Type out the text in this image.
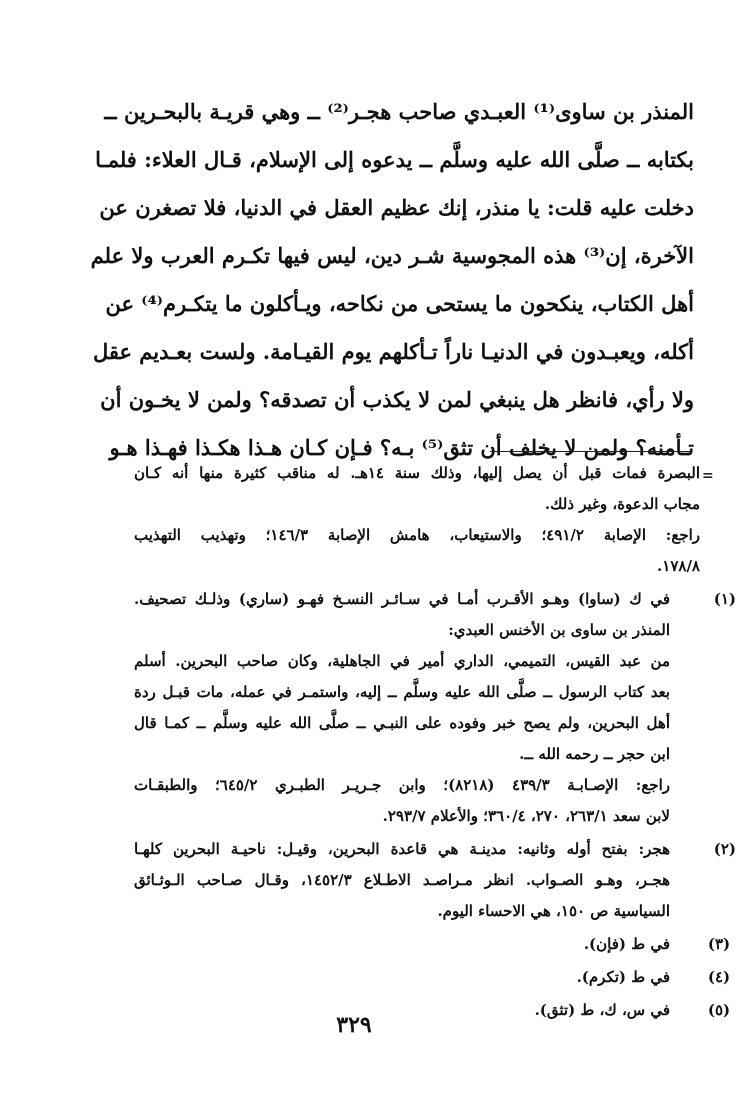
المنذر بن ساوى⁽¹⁾ العبـدي صاحب هجـر⁽²⁾ ــ وهي قريـة بالبحـرين ــ
بكتابه ــ صلَّى الله عليه وسلَّم ــ يدعوه إلى الإسلام، قـال العلاء: فلمـا
دخلت عليه قلت: يا منذر، إنك عظيم العقل في الدنيا، فلا تصغرن عن
الآخرة، إن⁽³⁾ هذه المجوسية شـر دين، ليس فيها تكـرم العرب ولا علم
أهل الكتاب، ينكحون ما يستحى من نكاحه، ويـأكلون ما يتكـرم⁽⁴⁾ عن
أكله، ويعبـدون في الدنيـا ناراً تـأكلهم يوم القيـامة. ولست بعـديم عقل
ولا رأي، فانظر هل ينبغي لمن لا يكذب أن تصدقه؟ ولمن لا يخـون أن
تـأمنه؟ ولمن لا يخلف أن تثق⁽⁵⁾ بـه؟ فـإن كـان هـذا هكـذا فهـذا هـو
=
البصرة فمات قبل أن يصل إليها، وذلك سنة ١٤هـ. له مناقب كثيرة منها أنه كـان
مجاب الدعوة، وغير ذلك.
راجع: الإصابة ٤٩١/٢؛ والاستيعاب، هامش الإصابة ١٤٦/٣؛ وتهذيب التهذيب
١٧٨/٨.
(١)
في ك (ساوا) وهـو الأقـرب أمـا في سـائـر النسـخ فهـو (ساري) وذلـك تصحيف.
المنذر بن ساوى بن الأخنس العبدي:
من عبد القيس، التميمي، الداري أمير في الجاهلية، وكان صاحب البحرين. أسلم
بعد كتاب الرسول ــ صلَّى الله عليه وسلَّم ــ إليه، واستمـر في عمله، مات قبـل ردة
أهل البحرين، ولم يصح خبر وفوده على النبـي ــ صلَّى الله عليه وسلَّم ــ كمـا قال
ابن حجر ــ رحمه الله ــ.
راجع: الإصـابـة ٤٣٩/٣ (٨٢١٨)؛ وابن جـريـر الطبـري ٦٤٥/٢؛ والطبقـات
لابن سعد ٢٦٣/١، ٢٧٠، ٣٦٠/٤؛ والأعلام ٢٩٣/٧.
(٢)
هجر: بفتح أوله وثانيه: مدينـة هي قاعدة البحرين، وقيـل: ناحيـة البحرين كلهـا
هجـر، وهـو الصـواب. انظر مـراصـد الاطـلاع ١٤٥٢/٣، وقـال صـاحب الـوثـائق
السياسية ص ١٥٠، هي الاحساء اليوم.
(٣)
في ط (فإن).
(٤)
في ط (تكرم).
(٥)
في س، ك، ط (تثق).
٣٢٩
